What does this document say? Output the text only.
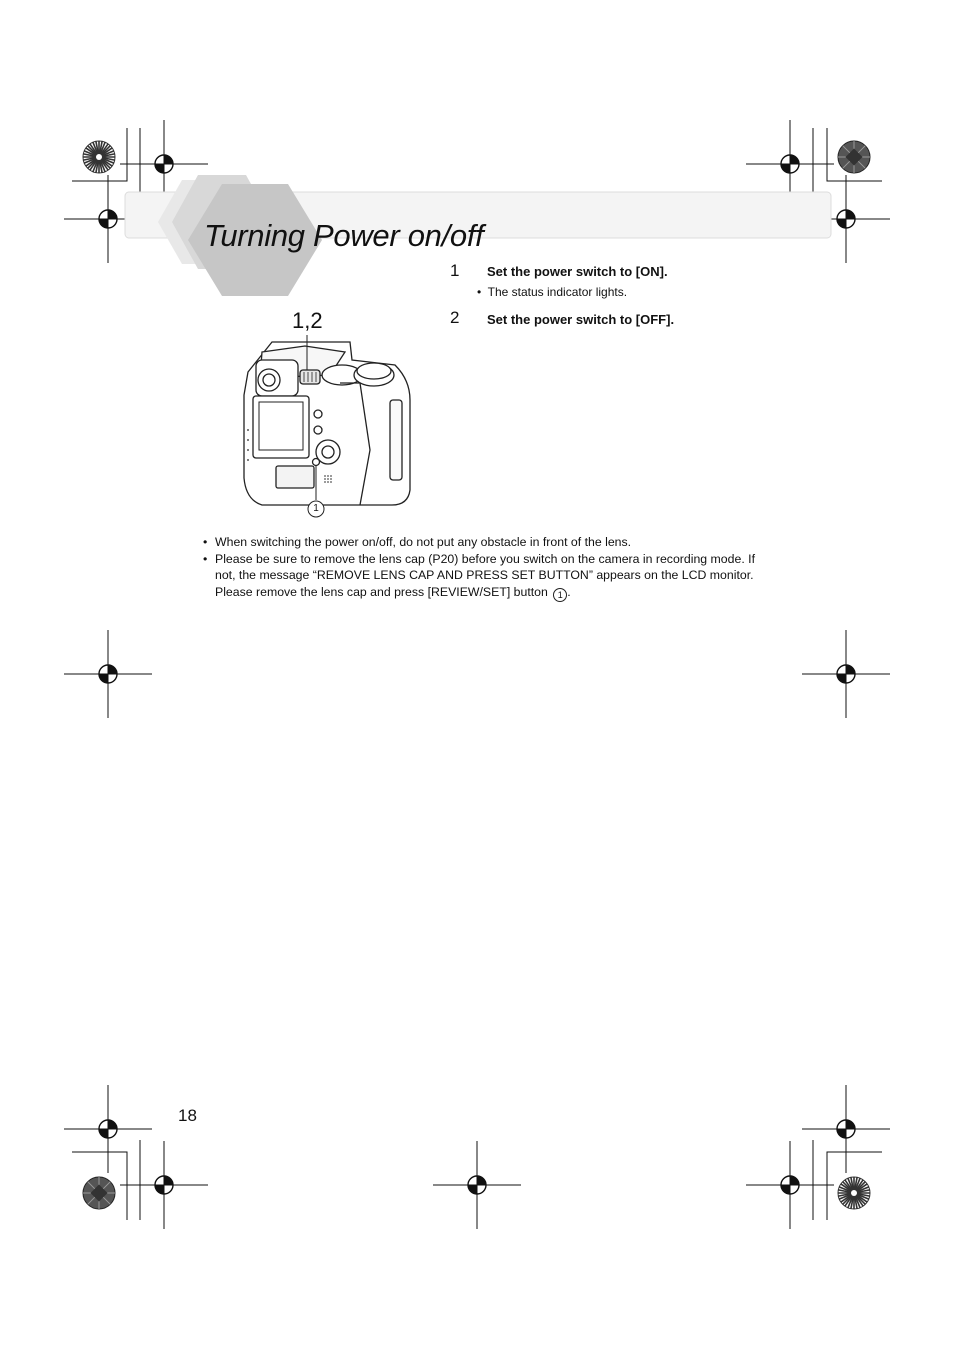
Turning Power on/off
1 Set the power switch to [ON].
•  The status indicator lights.
2 Set the power switch to [OFF].
1,2
1
• When switching the power on/off, do not put any obstacle in front of the lens.
• Please be sure to remove the lens cap (P20) before you switch on the camera in recording mode. If not, the message “REMOVE LENS CAP AND PRESS SET BUTTON” appears on the LCD monitor. Please remove the lens cap and press [REVIEW/SET] button 1 .
18
